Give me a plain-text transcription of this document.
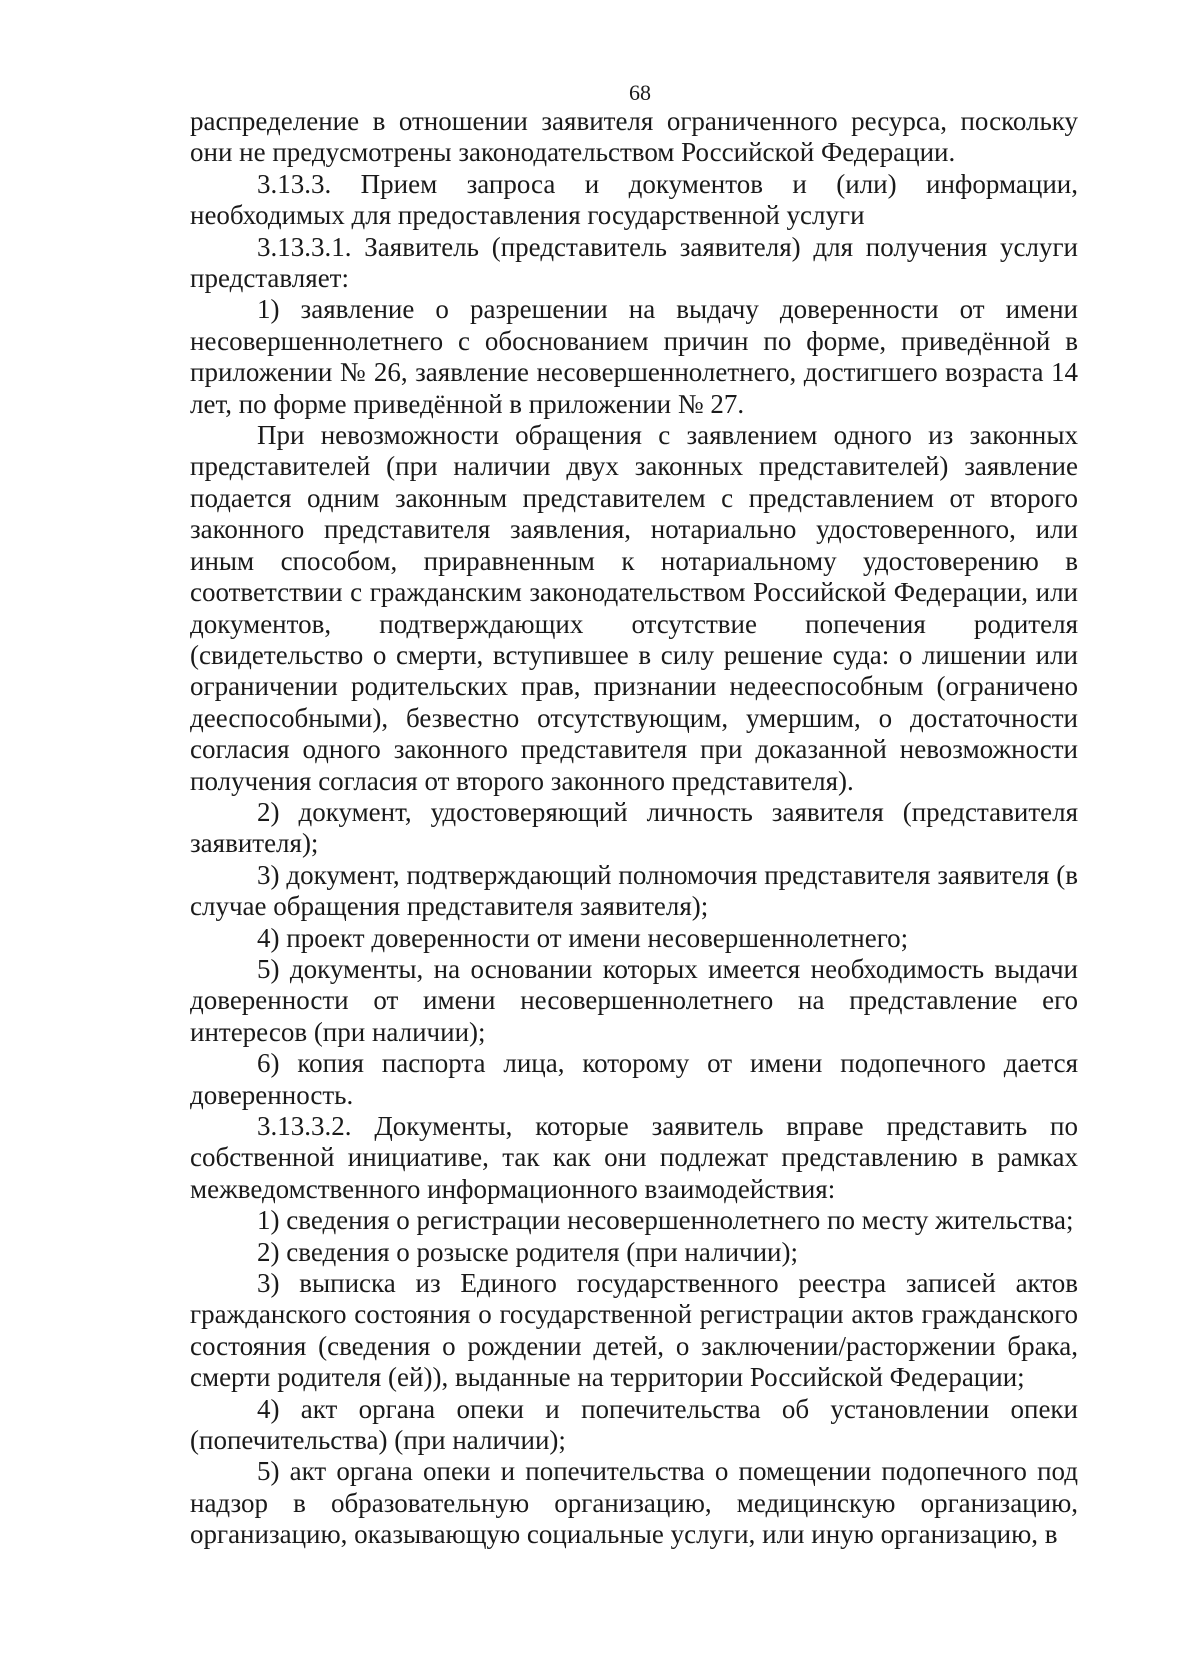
68

распределение в отношении заявителя ограниченного ресурса, поскольку они не предусмотрены законодательством Российской Федерации.

3.13.3. Прием запроса и документов и (или) информации, необходимых для предоставления государственной услуги

3.13.3.1. Заявитель (представитель заявителя) для получения услуги представляет:

1) заявление о разрешении на выдачу доверенности от имени несовершеннолетнего с обоснованием причин по форме, приведённой в приложении № 26, заявление несовершеннолетнего, достигшего возраста 14 лет, по форме приведённой в приложении № 27.

При невозможности обращения с заявлением одного из законных представителей (при наличии двух законных представителей) заявление подается одним законным представителем с представлением от второго законного представителя заявления, нотариально удостоверенного, или иным способом, приравненным к нотариальному удостоверению в соответствии с гражданским законодательством Российской Федерации, или документов, подтверждающих отсутствие попечения родителя (свидетельство о смерти, вступившее в силу решение суда: о лишении или ограничении родительских прав, признании недееспособным (ограничено дееспособными), безвестно отсутствующим, умершим, о достаточности согласия одного законного представителя при доказанной невозможности получения согласия от второго законного представителя).

2) документ, удостоверяющий личность заявителя (представителя заявителя);

3) документ, подтверждающий полномочия представителя заявителя (в случае обращения представителя заявителя);

4) проект доверенности от имени несовершеннолетнего;

5) документы, на основании которых имеется необходимость выдачи доверенности от имени несовершеннолетнего на представление его интересов (при наличии);

6) копия паспорта лица, которому от имени подопечного дается доверенность.

3.13.3.2. Документы, которые заявитель вправе представить по собственной инициативе, так как они подлежат представлению в рамках межведомственного информационного взаимодействия:

1) сведения о регистрации несовершеннолетнего по месту жительства;

2) сведения о розыске родителя (при наличии);

3) выписка из Единого государственного реестра записей актов гражданского состояния о государственной регистрации актов гражданского состояния (сведения о рождении детей, о заключении/расторжении брака, смерти родителя (ей)), выданные на территории Российской Федерации;

4) акт органа опеки и попечительства об установлении опеки (попечительства) (при наличии);

5) акт органа опеки и попечительства о помещении подопечного под надзор в образовательную организацию, медицинскую организацию, организацию, оказывающую социальные услуги, или иную организацию, в
